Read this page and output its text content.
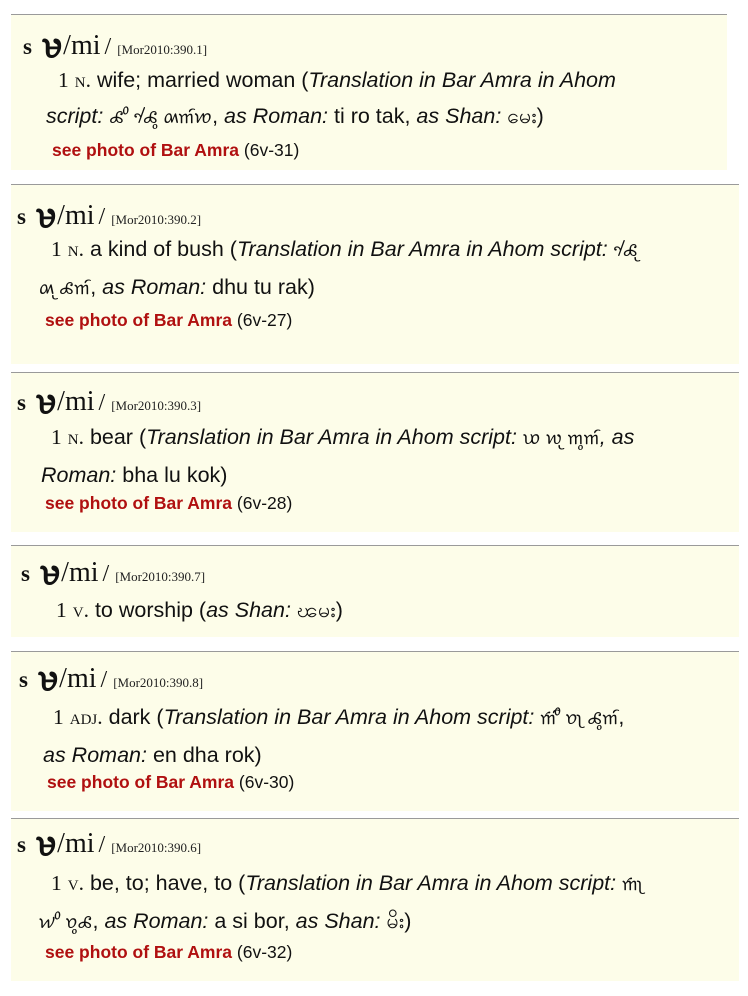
s 𑜉/mi / [Mor2010:390.1]
1 n. wife; married woman (Translation in Bar Amra in Ahom
script: 𑜍𑜢 𑜍𑜦𑜨 𑜄𑜀𑜫𑜋, as Roman: ti ro tak, as Shan: မေး)
see photo of Bar Amra (6v-31)
s 𑜉/mi / [Mor2010:390.2]
1 n. a kind of bush (Translation in Bar Amra in Ahom script: 𑜍𑜦𑜤
𑜄𑜤 𑜍𑜀𑜫, as Roman: dhu tu rak)
see photo of Bar Amra (6v-27)
s 𑜉/mi / [Mor2010:390.3]
1 n. bear (Translation in Bar Amra in Ahom script: 𑜇 𑜎𑜤 𑜀𑜨𑜀𑜫, as
Roman: bha lu kok)
see photo of Bar Amra (6v-28)
s 𑜉/mi / [Mor2010:390.7]
1 v. to worship (as Shan: ၽမး)
s 𑜉/mi / [Mor2010:390.8]
1 adj. dark (Translation in Bar Amra in Ahom script: 𑜒𑜢𑜫 𑜈𑜡 𑜍𑜨𑜀𑜫,
as Roman: en dha rok)
see photo of Bar Amra (6v-30)
s 𑜉/mi / [Mor2010:390.6]
1 v. be, to; have, to (Translation in Bar Amra in Ahom script: 𑜒𑜡
𑜏𑜢 𑜈𑜨𑜍, as Roman: a si bor, as Shan: မိး)
see photo of Bar Amra (6v-32)
